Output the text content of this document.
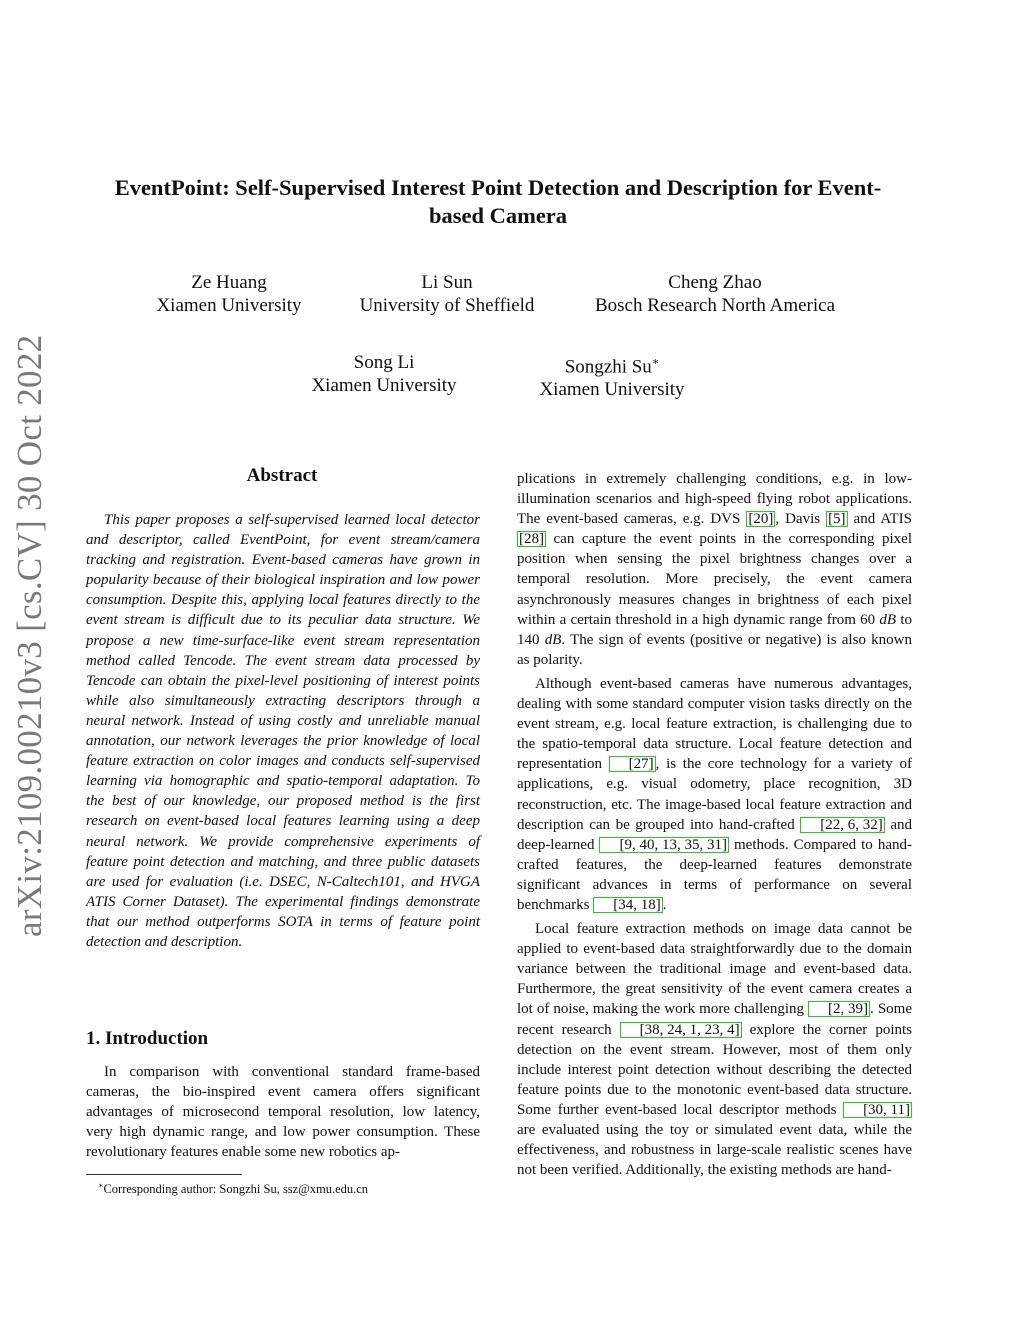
arXiv:2109.00210v3 [cs.CV] 30 Oct 2022
EventPoint: Self-Supervised Interest Point Detection and Description for Event-based Camera
Ze Huang
Xiamen University
Li Sun
University of Sheffield
Cheng Zhao
Bosch Research North America
Song Li
Xiamen University
Songzhi Su∗
Xiamen University
Abstract

This paper proposes a self-supervised learned local detector and descriptor, called EventPoint, for event stream/camera tracking and registration. Event-based cameras have grown in popularity because of their biological inspiration and low power consumption. Despite this, applying local features directly to the event stream is difficult due to its peculiar data structure. We propose a new time-surface-like event stream representation method called Tencode. The event stream data processed by Tencode can obtain the pixel-level positioning of interest points while also simultaneously extracting descriptors through a neural network. Instead of using costly and unreliable manual annotation, our network leverages the prior knowledge of local feature extraction on color images and conducts self-supervised learning via homographic and spatio-temporal adaptation. To the best of our knowledge, our proposed method is the first research on event-based local features learning using a deep neural network. We provide comprehensive experiments of feature point detection and matching, and three public datasets are used for evaluation (i.e. DSEC, N-Caltech101, and HVGA ATIS Corner Dataset). The experimental findings demonstrate that our method outperforms SOTA in terms of feature point detection and description.

1. Introduction

In comparison with conventional standard frame-based cameras, the bio-inspired event camera offers significant advantages of microsecond temporal resolution, low latency, very high dynamic range, and low power consumption. These revolutionary features enable some new robotics ap-

∗Corresponding author: Songzhi Su, ssz@xmu.edu.cn

plications in extremely challenging conditions, e.g. in low-illumination scenarios and high-speed flying robot applications. The event-based cameras, e.g. DVS [20] , Davis [5] and ATIS [28] can capture the event points in the corresponding pixel position when sensing the pixel brightness changes over a temporal resolution. More precisely, the event camera asynchronously measures changes in brightness of each pixel within a certain threshold in a high dynamic range from 60 dB to 140 dB. The sign of events (positive or negative) is also known as polarity.

Although event-based cameras have numerous advantages, dealing with some standard computer vision tasks directly on the event stream, e.g. local feature extraction, is challenging due to the spatio-temporal data structure. Local feature detection and representation [27] , is the core technology for a variety of applications, e.g. visual odometry, place recognition, 3D reconstruction, etc. The image-based local feature extraction and description can be grouped into hand-crafted [22, 6, 32] and deep-learned [9, 40, 13, 35, 31] methods. Compared to hand-crafted features, the deep-learned features demonstrate significant advances in terms of performance on several benchmarks [34, 18] .

Local feature extraction methods on image data cannot be applied to event-based data straightforwardly due to the domain variance between the traditional image and event-based data. Furthermore, the great sensitivity of the event camera creates a lot of noise, making the work more challenging [2, 39] . Some recent research [38, 24, 1, 23, 4] explore the corner points detection on the event stream. However, most of them only include interest point detection without describing the detected feature points due to the monotonic event-based data structure. Some further event-based local descriptor methods [30, 11] are evaluated using the toy or simulated event data, while the effectiveness, and robustness in large-scale realistic scenes have not been verified. Additionally, the existing methods are hand-
